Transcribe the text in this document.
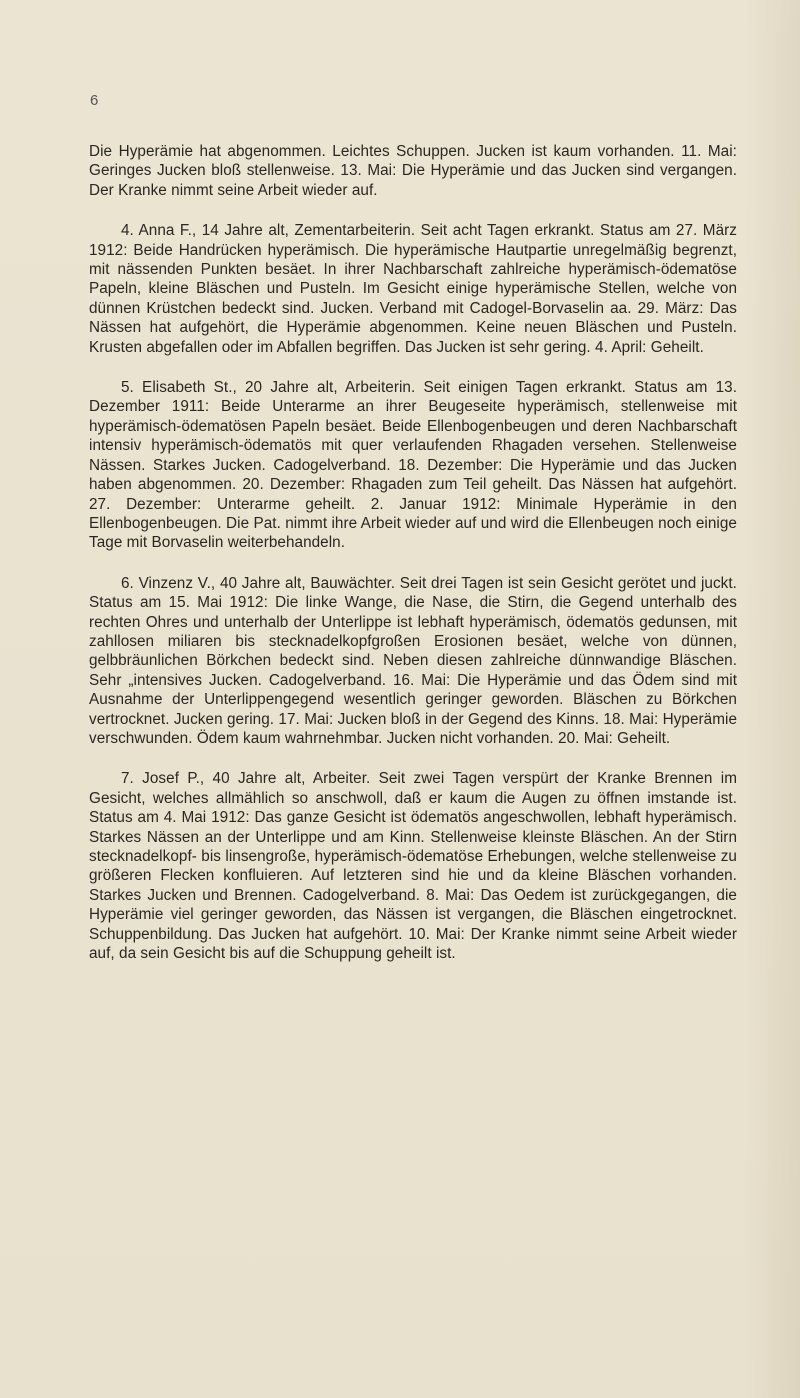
6

Die Hyperämie hat abgenommen. Leichtes Schuppen. Jucken ist kaum vorhanden. 11. Mai: Geringes Jucken bloß stellenweise. 13. Mai: Die Hyperämie und das Jucken sind vergangen. Der Kranke nimmt seine Arbeit wieder auf.

4. Anna F., 14 Jahre alt, Zementarbeiterin. Seit acht Tagen erkrankt. Status am 27. März 1912: Beide Handrücken hyperämisch. Die hyperämische Hautpartie unregelmäßig begrenzt, mit nässenden Punkten besäet. In ihrer Nachbarschaft zahlreiche hyperämisch-ödematöse Papeln, kleine Bläschen und Pusteln. Im Gesicht einige hyperämische Stellen, welche von dünnen Krüstchen bedeckt sind. Jucken. Verband mit Cadogel-Borvaselin aa. 29. März: Das Nässen hat aufgehört, die Hyperämie abgenommen. Keine neuen Bläschen und Pusteln. Krusten abgefallen oder im Abfallen begriffen. Das Jucken ist sehr gering. 4. April: Geheilt.

5. Elisabeth St., 20 Jahre alt, Arbeiterin. Seit einigen Tagen erkrankt. Status am 13. Dezember 1911: Beide Unterarme an ihrer Beugeseite hyperämisch, stellenweise mit hyperämisch-ödematösen Papeln besäet. Beide Ellenbogenbeugen und deren Nachbarschaft intensiv hyperämisch-ödematös mit quer verlaufenden Rhagaden versehen. Stellenweise Nässen. Starkes Jucken. Cadogelverband. 18. Dezember: Die Hyperämie und das Jucken haben abgenommen. 20. Dezember: Rhagaden zum Teil geheilt. Das Nässen hat aufgehört. 27. Dezember: Unterarme geheilt. 2. Januar 1912: Minimale Hyperämie in den Ellenbogenbeugen. Die Pat. nimmt ihre Arbeit wieder auf und wird die Ellenbeugen noch einige Tage mit Borvaselin weiterbehandeln.

6. Vinzenz V., 40 Jahre alt, Bauwächter. Seit drei Tagen ist sein Gesicht gerötet und juckt. Status am 15. Mai 1912: Die linke Wange, die Nase, die Stirn, die Gegend unterhalb des rechten Ohres und unterhalb der Unterlippe ist lebhaft hyperämisch, ödematös gedunsen, mit zahllosen miliaren bis stecknadelkopfgroßen Erosionen besäet, welche von dünnen, gelbbräunlichen Börkchen bedeckt sind. Neben diesen zahlreiche dünnwandige Bläschen. Sehr „intensives Jucken. Cadogelverband. 16. Mai: Die Hyperämie und das Ödem sind mit Ausnahme der Unterlippengegend wesentlich geringer geworden. Bläschen zu Börkchen vertrocknet. Jucken gering. 17. Mai: Jucken bloß in der Gegend des Kinns. 18. Mai: Hyperämie verschwunden. Ödem kaum wahrnehmbar. Jucken nicht vorhanden. 20. Mai: Geheilt.

7. Josef P., 40 Jahre alt, Arbeiter. Seit zwei Tagen verspürt der Kranke Brennen im Gesicht, welches allmählich so anschwoll, daß er kaum die Augen zu öffnen imstande ist. Status am 4. Mai 1912: Das ganze Gesicht ist ödematös angeschwollen, lebhaft hyperämisch. Starkes Nässen an der Unterlippe und am Kinn. Stellenweise kleinste Bläschen. An der Stirn stecknadelkopf- bis linsengroße, hyperämisch-ödematöse Erhebungen, welche stellenweise zu größeren Flecken konfluieren. Auf letzteren sind hie und da kleine Bläschen vorhanden. Starkes Jucken und Brennen. Cadogelverband. 8. Mai: Das Oedem ist zurückgegangen, die Hyperämie viel geringer geworden, das Nässen ist vergangen, die Bläschen eingetrocknet. Schuppenbildung. Das Jucken hat aufgehört. 10. Mai: Der Kranke nimmt seine Arbeit wieder auf, da sein Gesicht bis auf die Schuppung geheilt ist.
